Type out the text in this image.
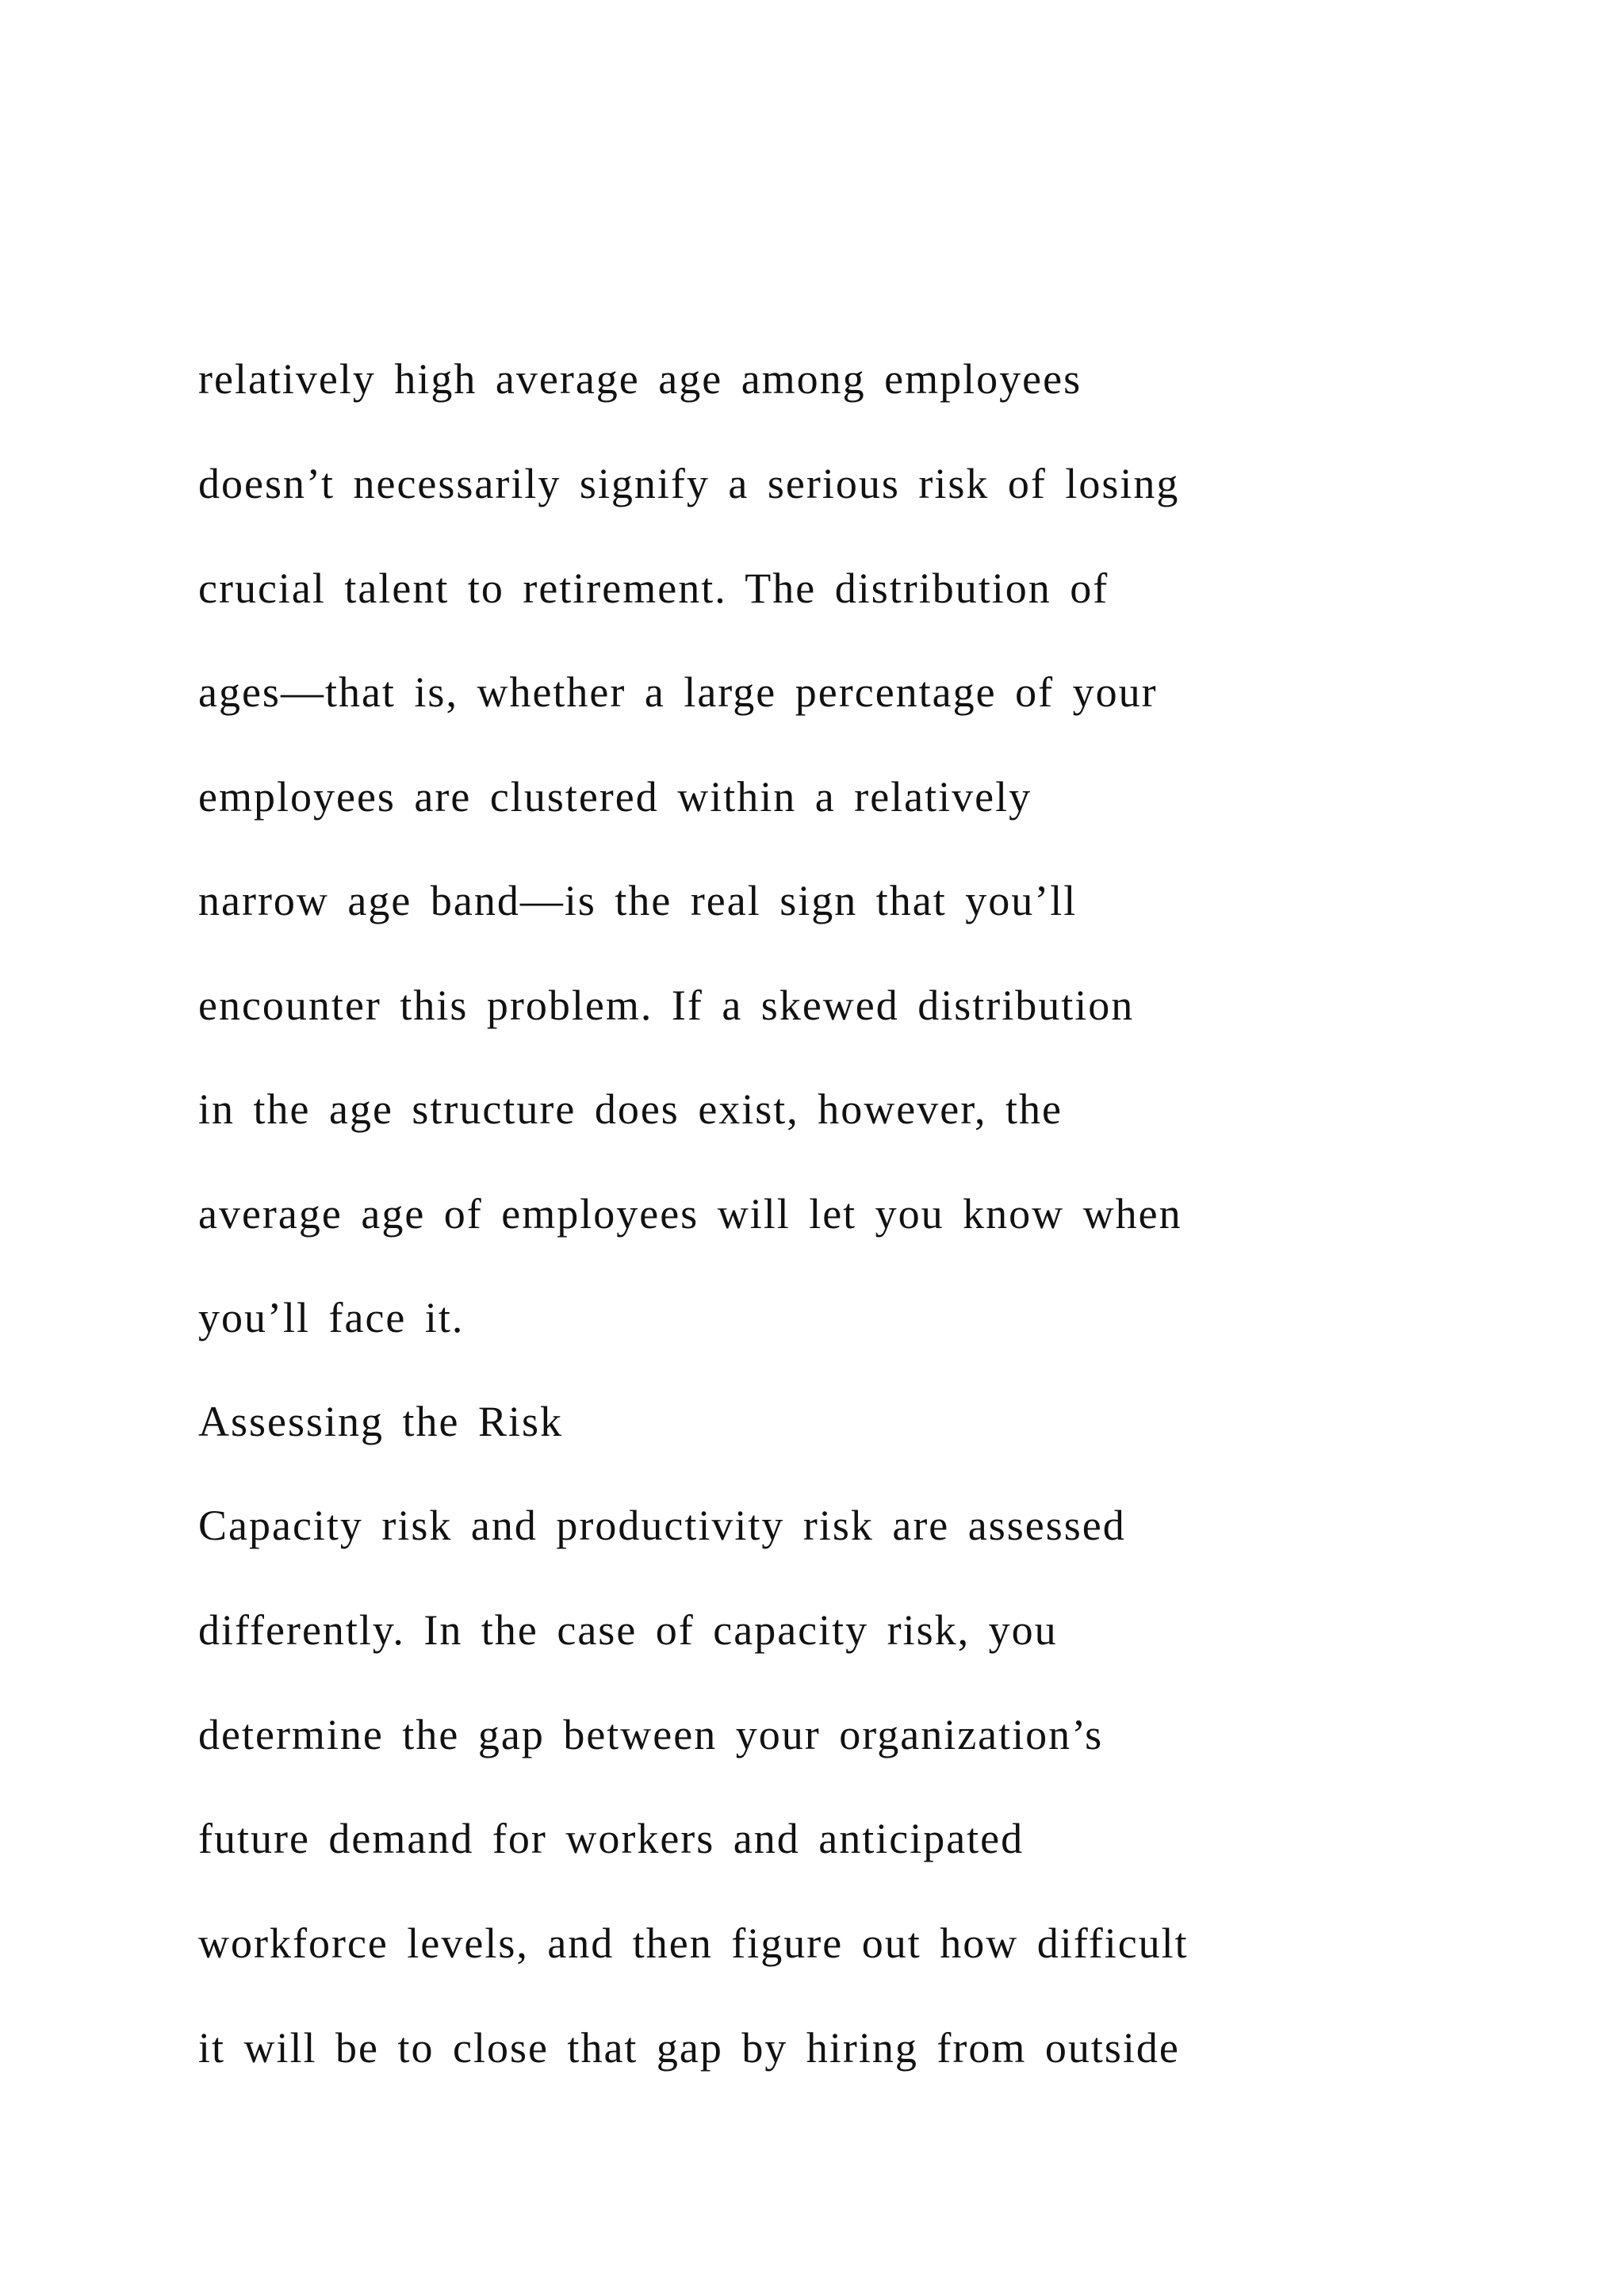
relatively high average age among employees
doesn’t necessarily signify a serious risk of losing
crucial talent to retirement. The distribution of
ages—that is, whether a large percentage of your
employees are clustered within a relatively
narrow age band—is the real sign that you’ll
encounter this problem. If a skewed distribution
in the age structure does exist, however, the
average age of employees will let you know when
you’ll face it.
Assessing the Risk
Capacity risk and productivity risk are assessed
differently. In the case of capacity risk, you
determine the gap between your organization’s
future demand for workers and anticipated
workforce levels, and then figure out how difficult
it will be to close that gap by hiring from outside
